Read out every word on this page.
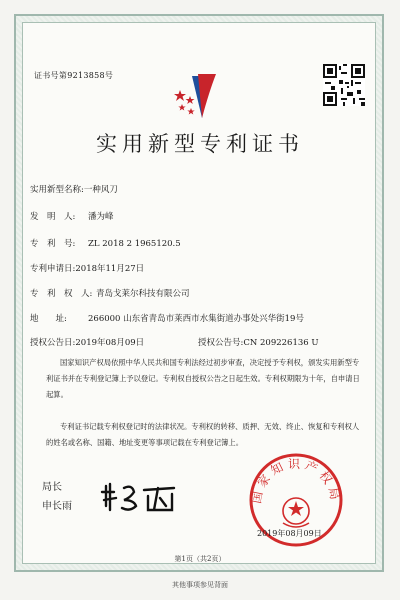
证书号第9213858号
实用新型专利证书
实用新型名称:一种风刀
发　明　人: 潘为峰
专　利　号: ZL 2018 2 1965120.5
专利申请日:2018年11月27日
专　利　权　人: 青岛戈莱尔科技有限公司
地　　址: 266000 山东省青岛市莱西市水集街道办事处兴华街19号
授权公告日:2019年08月09日	授权公告号:CN 209226136 U
国家知识产权局依照中华人民共和国专利法经过初步审查，决定授予专利权，颁发实用新型专利证书并在专利登记簿上予以登记。专利权自授权公告之日起生效。专利权期限为十年，自申请日起算。
专利证书记载专利权登记时的法律状况。专利权的转移、质押、无效、终止、恢复和专利权人的姓名或名称、国籍、地址变更等事项记载在专利登记簿上。
局长
申长雨
申长雨
国家知识产权局
2019年08月09日
第1页（共2页）
其他事项参见背面
